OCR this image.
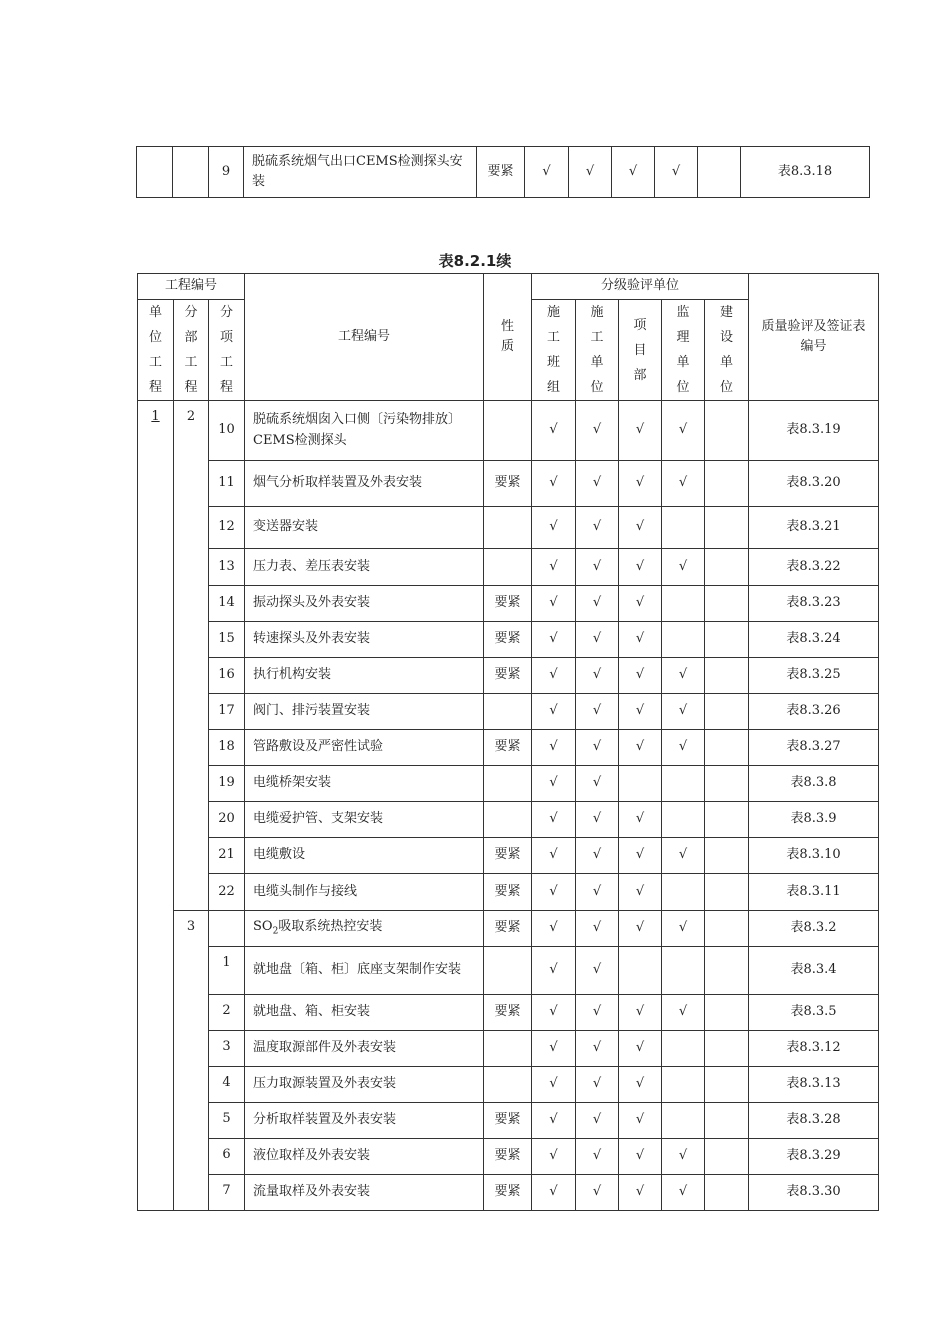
		9	脱硫系统烟气出口CEMS检测探头安装	要紧	√	√	√	√		表8.3.18
表8.2.1续
工程编号			工程编号	性质	分级验评单位					质量验评及签证表编号
单位工程	分部工程	分项工程			施工班组	施工单位	项目部	监理单位	建设单位	
1	2	10	脱硫系统烟囱入口侧〔污染物排放〕CEMS检测探头		√	√	√	√		表8.3.19
		11	烟气分析取样装置及外表安装	要紧	√	√	√	√		表8.3.20
		12	变送器安装		√	√	√			表8.3.21
		13	压力表、差压表安装		√	√	√	√		表8.3.22
		14	振动探头及外表安装	要紧	√	√	√			表8.3.23
		15	转速探头及外表安装	要紧	√	√	√			表8.3.24
		16	执行机构安装	要紧	√	√	√	√		表8.3.25
		17	阀门、排污装置安装		√	√	√	√		表8.3.26
		18	管路敷设及严密性试验	要紧	√	√	√	√		表8.3.27
		19	电缆桥架安装		√	√				表8.3.8
		20	电缆爱护管、支架安装		√	√	√			表8.3.9
		21	电缆敷设	要紧	√	√	√	√		表8.3.10
		22	电缆头制作与接线	要紧	√	√	√			表8.3.11
	3		$SO_2$吸取系统热控安装	要紧	√	√	√	√		表8.3.2
		1	就地盘〔箱、柜〕底座支架制作安装		√	√				表8.3.4
		2	就地盘、箱、柜安装	要紧	√	√	√	√		表8.3.5
		3	温度取源部件及外表安装		√	√	√			表8.3.12
		4	压力取源装置及外表安装		√	√	√			表8.3.13
		5	分析取样装置及外表安装	要紧	√	√	√			表8.3.28
		6	液位取样及外表安装	要紧	√	√	√	√		表8.3.29
		7	流量取样及外表安装	要紧	√	√	√	√		表8.3.30
